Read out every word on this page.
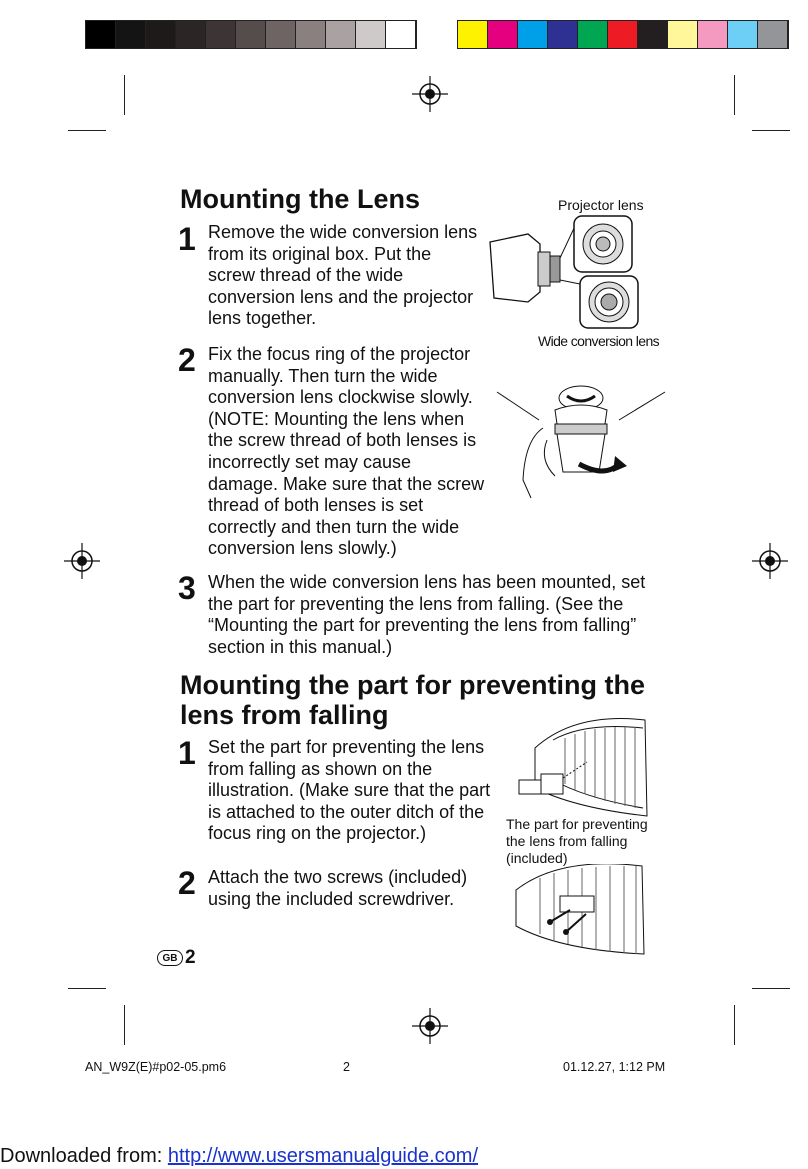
Mounting the Lens
1 Remove the wide conversion lens from its original box. Put the screw thread of the wide conversion lens and the projector lens together.
2 Fix the focus ring of the projector manually. Then turn the wide conversion lens clockwise slowly. (NOTE: Mounting the lens when the screw thread of both lenses is incorrectly set may cause damage. Make sure that the screw thread of both lenses is set correctly and then turn the wide conversion lens slowly.)
3 When the wide conversion lens has been mounted, set the part for preventing the lens from falling. (See the “Mounting the part for preventing the lens from falling” section in this manual.)
Projector lens
Wide conversion lens
Mounting the part for preventing the lens from falling
1 Set the part for preventing the lens from falling as shown on the illustration. (Make sure that the part is attached to the outer ditch of the focus ring on the projector.)
2 Attach the two screws (included) using the included screwdriver.
The part for preventing the lens from falling (included)
GB 2
AN_W9Z(E)#p02-05.pm6	2	01.12.27, 1:12 PM
Downloaded from: http://www.usersmanualguide.com/
